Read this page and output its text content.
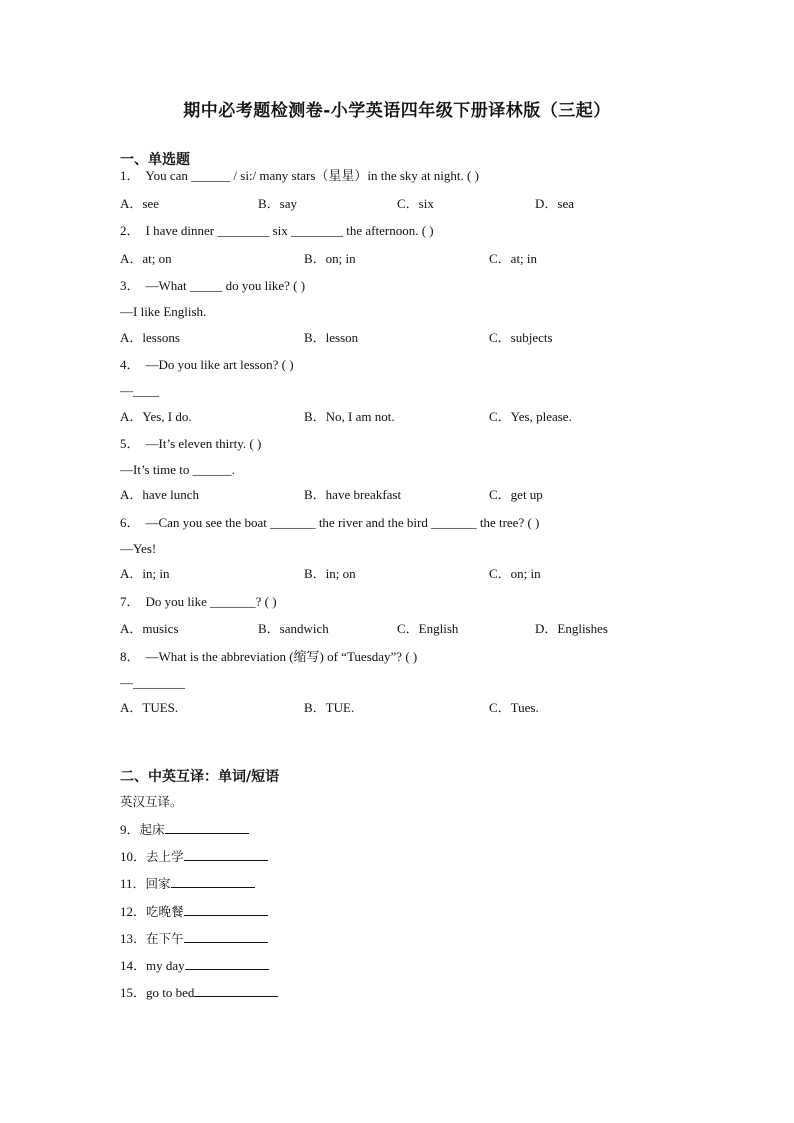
期中必考题检测卷-小学英语四年级下册译林版（三起）
一、单选题
1． You can ______ / si:/ many stars（星星）in the sky at night. ( )
A．see	B．say	C．six	D．sea
2． I have dinner ________ six ________ the afternoon. ( )
A．at; on	B．on; in	C．at; in
3． —What _____ do you like? ( )
—I like English.
A．lessons	B．lesson	C．subjects
4． —Do you like art lesson? ( )
—____
A．Yes, I do.	B．No, I am not.	C．Yes, please.
5． —It’s eleven thirty. ( )
—It’s time to ______.
A．have lunch	B．have breakfast	C．get up
6． —Can you see the boat _______ the river and the bird _______ the tree? ( )
—Yes!
A．in; in	B．in; on	C．on; in
7． Do you like _______? ( )
A．musics	B．sandwich	C．English	D．Englishes
8． —What is the abbreviation (缩写) of “Tuesday”? ( )
—________
A．TUES.	B．TUE.	C．Tues.
二、中英互译：单词/短语
英汉互译。
9．起床
10．去上学
11．回家
12．吃晚餐
13．在下午
14．my day
15．go to bed
